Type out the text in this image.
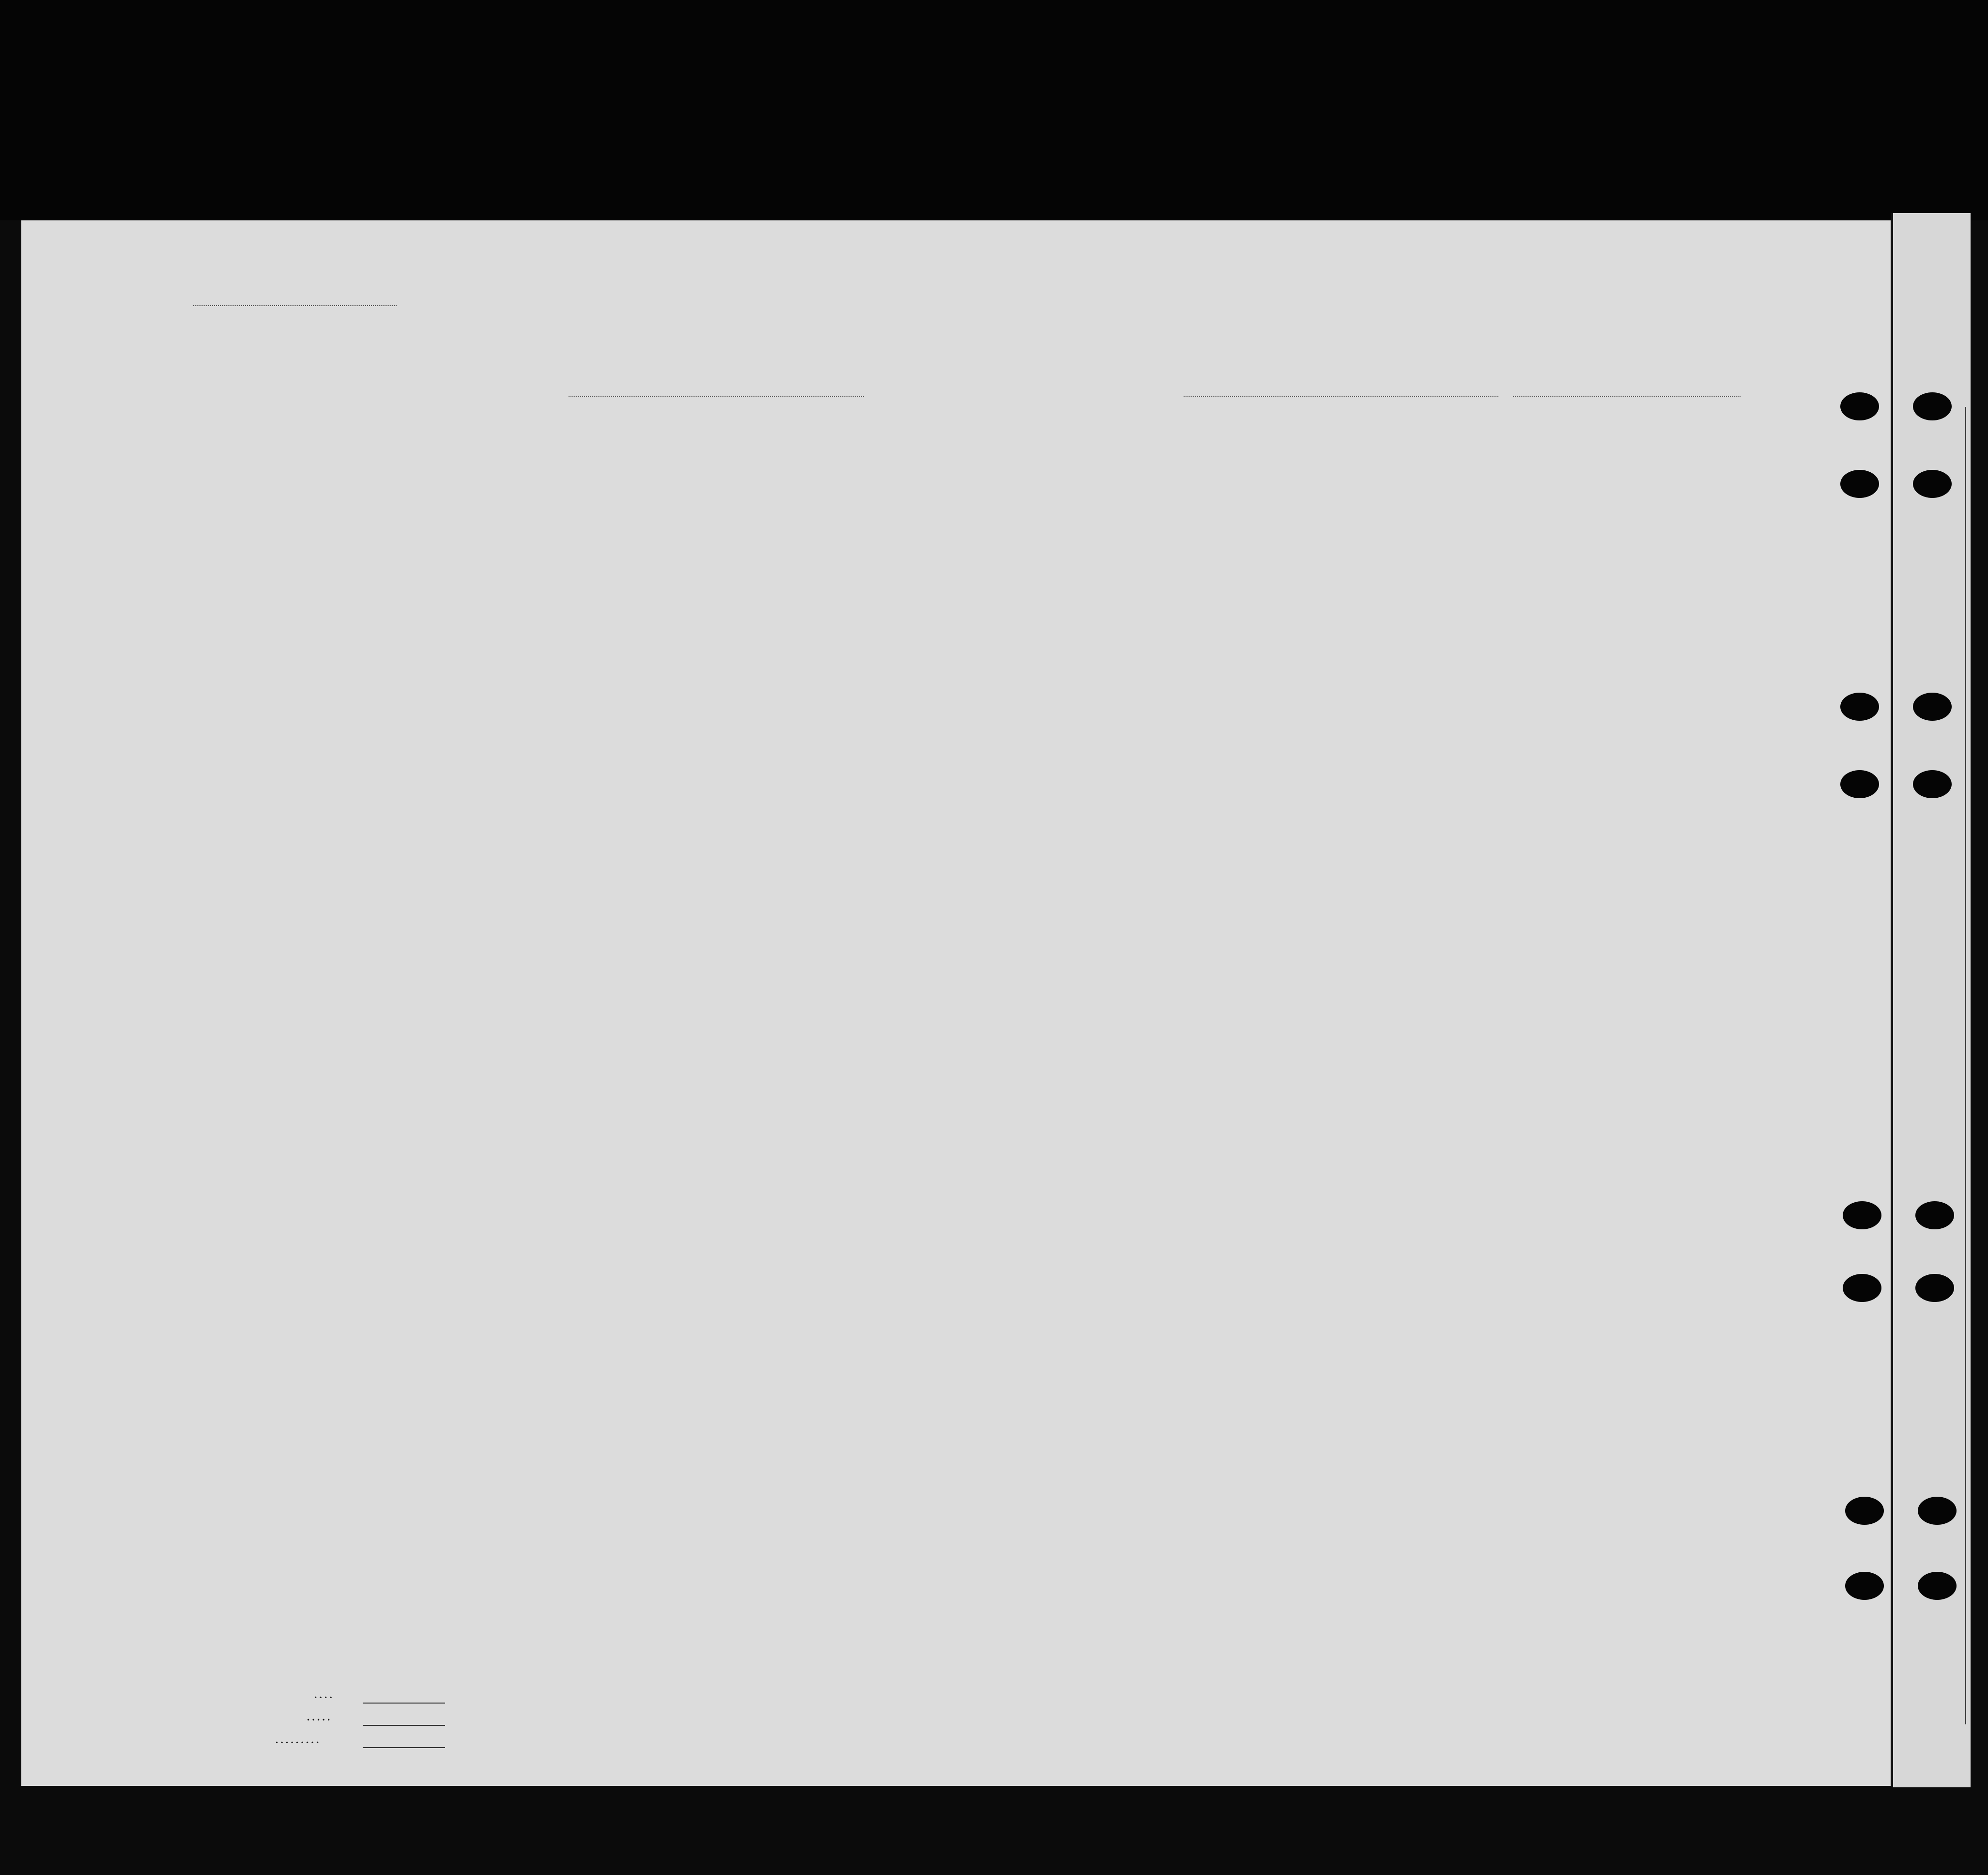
. . . .
. . . . .
. . . . . . . . .
